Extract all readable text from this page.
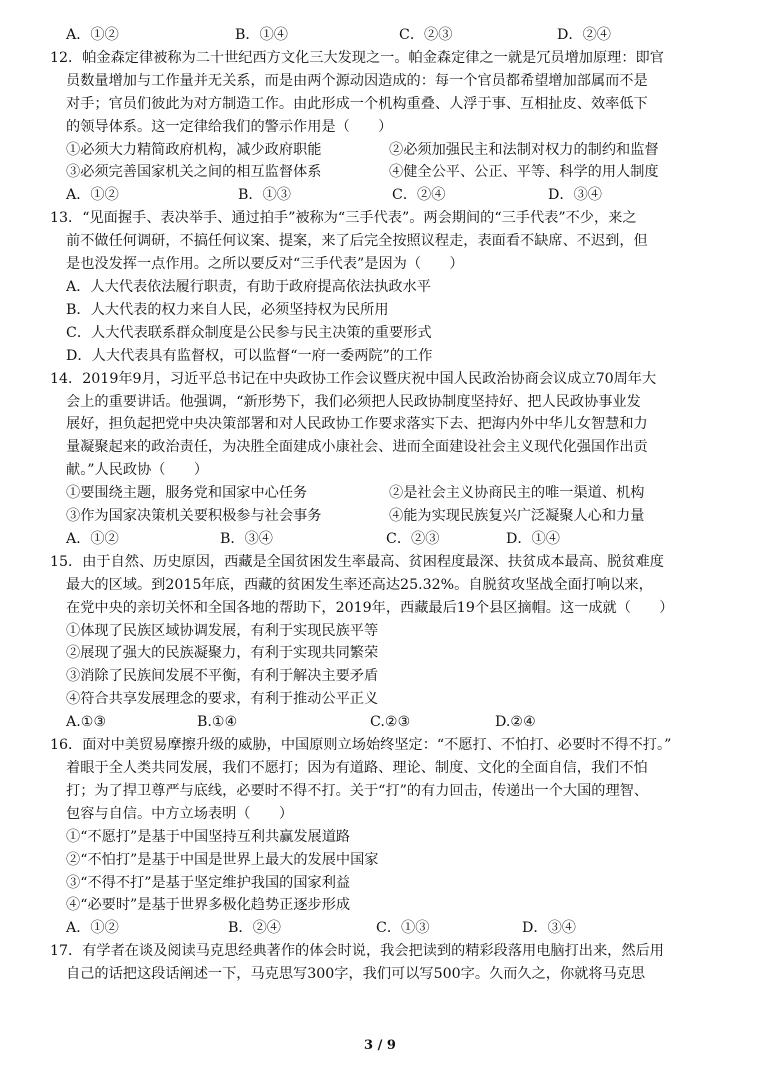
A．①②	B．①④	C．②③	D．②④
12．帕金森定律被称为二十世纪西方文化三大发现之一。帕金森定律之一就是冗员增加原理：即官
员数量增加与工作量并无关系，而是由两个源动因造成的：每一个官员都希望增加部属而不是
对手；官员们彼此为对方制造工作。由此形成一个机构重叠、人浮于事、互相扯皮、效率低下
的领导体系。这一定律给我们的警示作用是（　　）
①必须大力精简政府机构，减少政府职能	②必须加强民主和法制对权力的制约和监督
③必须完善国家机关之间的相互监督体系	④健全公平、公正、平等、科学的用人制度
A．①②	B．①③	C．②④	D．③④
13．“见面握手、表决举手、通过拍手”被称为“三手代表”。两会期间的“三手代表”不少，来之
前不做任何调研，不搞任何议案、提案，来了后完全按照议程走，表面看不缺席、不迟到，但
是也没发挥一点作用。之所以要反对“三手代表”是因为（　　）
A．人大代表依法履行职责，有助于政府提高依法执政水平
B．人大代表的权力来自人民，必须坚持权为民所用
C．人大代表联系群众制度是公民参与民主决策的重要形式
D．人大代表具有监督权，可以监督“一府一委两院”的工作
14．2019年9月，习近平总书记在中央政协工作会议暨庆祝中国人民政治协商会议成立70周年大
会上的重要讲话。他强调，“新形势下，我们必须把人民政协制度坚持好、把人民政协事业发
展好，担负起把党中央决策部署和对人民政协工作要求落实下去、把海内外中华儿女智慧和力
量凝聚起来的政治责任，为决胜全面建成小康社会、进而全面建设社会主义现代化强国作出贡
献。”人民政协（　　）
①要围绕主题，服务党和国家中心任务	②是社会主义协商民主的唯一渠道、机构
③作为国家决策机关要积极参与社会事务	④能为实现民族复兴广泛凝聚人心和力量
A．①②	B．③④	C．②③	D．①④
15．由于自然、历史原因，西藏是全国贫困发生率最高、贫困程度最深、扶贫成本最高、脱贫难度
最大的区域。到2015年底，西藏的贫困发生率还高达25.32%。自脱贫攻坚战全面打响以来，
在党中央的亲切关怀和全国各地的帮助下，2019年，西藏最后19个县区摘帽。这一成就（　　）
①体现了民族区域协调发展，有利于实现民族平等
②展现了强大的民族凝聚力，有利于实现共同繁荣
③消除了民族间发展不平衡，有利于解决主要矛盾
④符合共享发展理念的要求，有利于推动公平正义
A.①③	B.①④	C.②③	D.②④
16．面对中美贸易摩擦升级的威胁，中国原则立场始终坚定：“不愿打、不怕打、必要时不得不打。”
着眼于全人类共同发展，我们不愿打；因为有道路、理论、制度、文化的全面自信，我们不怕
打；为了捍卫尊严与底线，必要时不得不打。关于“打”的有力回击，传递出一个大国的理智、
包容与自信。中方立场表明（　　）
①“不愿打”是基于中国坚持互利共赢发展道路
②“不怕打”是基于中国是世界上最大的发展中国家
③“不得不打”是基于坚定维护我国的国家利益
④“必要时”是基于世界多极化趋势正逐步形成
A．①②	B．②④	C．①③	D．③④
17．有学者在谈及阅读马克思经典著作的体会时说，我会把读到的精彩段落用电脑打出来，然后用
自己的话把这段话阐述一下，马克思写300字，我们可以写500字。久而久之，你就将马克思
3 / 9
